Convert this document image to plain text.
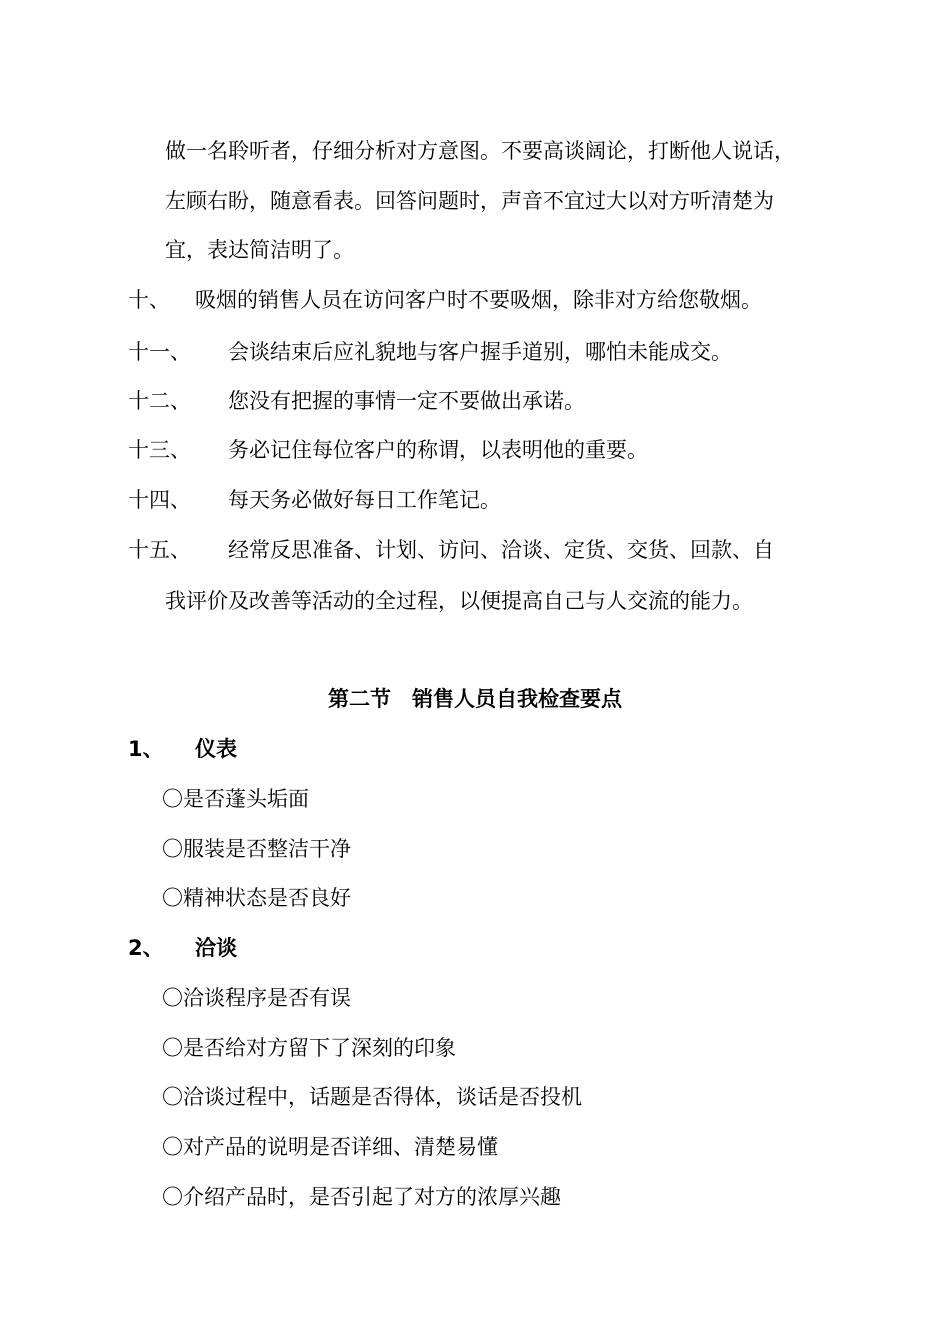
做一名聆听者，仔细分析对方意图。不要高谈阔论，打断他人说话，
左顾右盼，随意看表。回答问题时，声音不宜过大以对方听清楚为
宜，表达简洁明了。
十、 吸烟的销售人员在访问客户时不要吸烟，除非对方给您敬烟。
十一、 会谈结束后应礼貌地与客户握手道别，哪怕未能成交。
十二、 您没有把握的事情一定不要做出承诺。
十三、 务必记住每位客户的称谓，以表明他的重要。
十四、 每天务必做好每日工作笔记。
十五、 经常反思准备、计划、访问、洽谈、定货、交货、回款、自
我评价及改善等活动的全过程，以便提高自己与人交流的能力。
第二节　销售人员自我检查要点
1、 仪表
〇是否蓬头垢面
〇服装是否整洁干净
〇精神状态是否良好
2、 洽谈
〇洽谈程序是否有误
〇是否给对方留下了深刻的印象
〇洽谈过程中，话题是否得体，谈话是否投机
〇对产品的说明是否详细、清楚易懂
〇介绍产品时，是否引起了对方的浓厚兴趣
